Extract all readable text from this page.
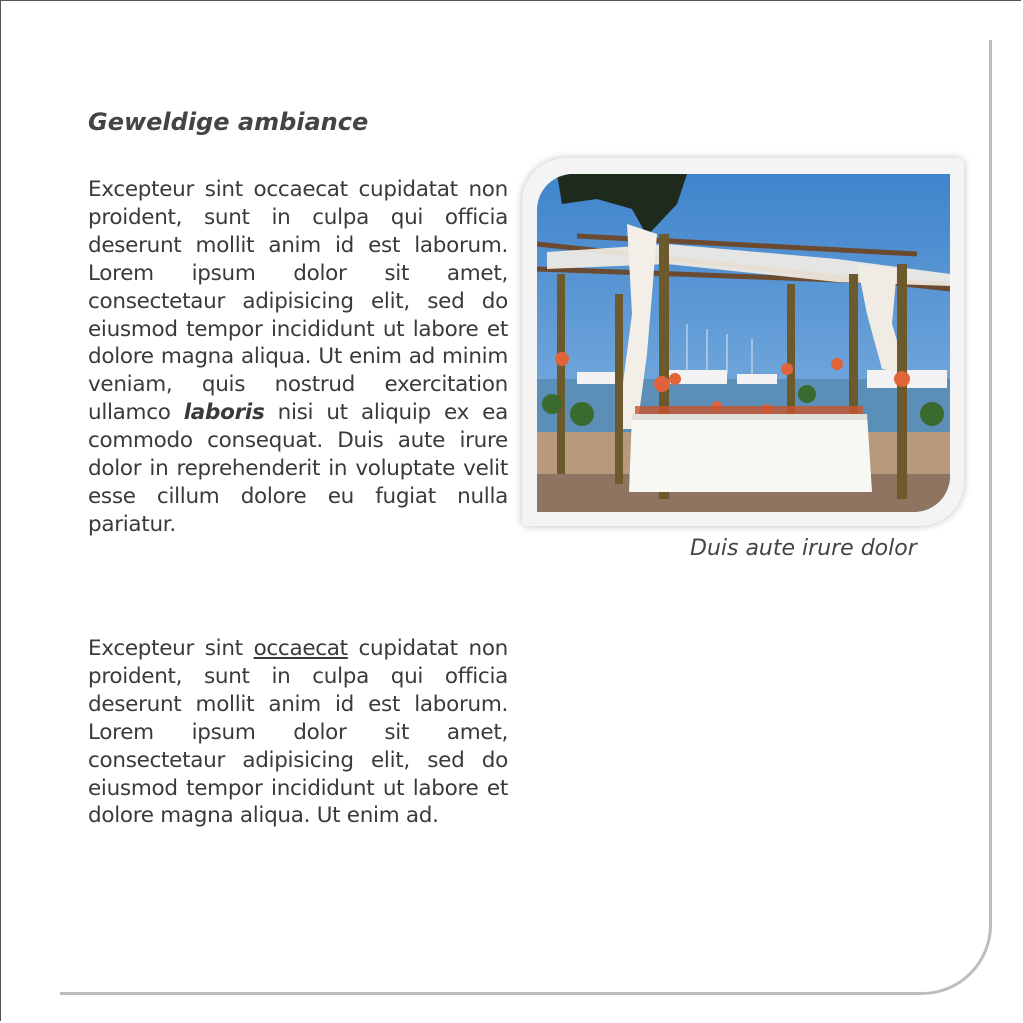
Geweldige ambiance

Excepteur sint occaecat cupidatat non proident, sunt in culpa qui officia deserunt mollit anim id est laborum. Lorem ipsum dolor sit amet, consectetaur adipisicing elit, sed do eiusmod tempor incididunt ut labore et dolore magna aliqua. Ut enim ad minim veniam, quis nostrud exercitation ullamco laboris nisi ut aliquip ex ea commodo consequat. Duis aute irure dolor in reprehenderit in voluptate velit esse cillum dolore eu fugiat nulla pariatur.

Excepteur sint occaecat cupidatat non proident, sunt in culpa qui officia deserunt mollit anim id est laborum. Lorem ipsum dolor sit amet, consectetaur adipisicing elit, sed do eiusmod tempor incididunt ut labore et dolore magna aliqua. Ut enim ad.

Duis aute irure dolor
